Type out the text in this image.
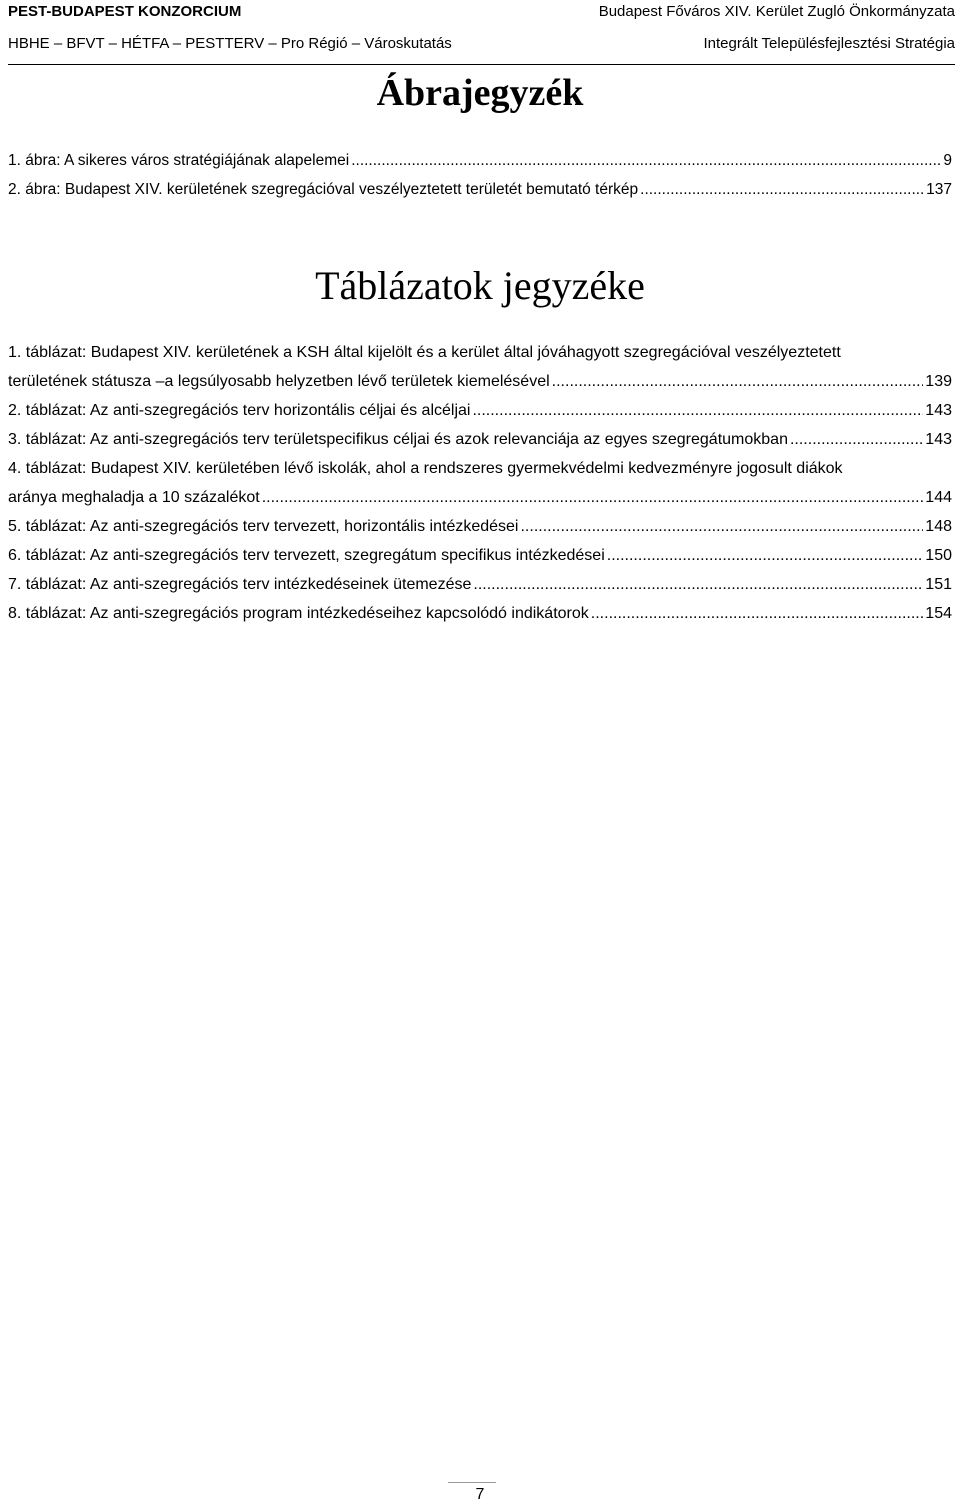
PEST-BUDAPEST KONZORCIUM	Budapest Főváros XIV. Kerület Zugló Önkormányzata
HBHE – BFVT – HÉTFA – PESTTERV – Pro Régió – Városkutatás	Integrált Településfejlesztési Stratégia
Ábrajegyzék
1. ábra: A sikeres város stratégiájának alapelemei .....	9
2. ábra: Budapest XIV. kerületének szegregációval veszélyeztetett területét bemutató térkép .....	137
Táblázatok jegyzéke
1. táblázat: Budapest XIV. kerületének a KSH által kijelölt és a kerület által jóváhagyott szegregációval veszélyeztetett
területének státusza –a legsúlyosabb helyzetben lévő területek kiemelésével .....	139
2. táblázat: Az anti-szegregációs terv horizontális céljai és alcéljai .....	143
3. táblázat: Az anti-szegregációs terv területspecifikus céljai és azok relevanciája az egyes szegregátumokban .....	143
4. táblázat: Budapest XIV. kerületében lévő iskolák, ahol a rendszeres gyermekvédelmi kedvezményre jogosult diákok
aránya meghaladja a 10 százalékot .....	144
5. táblázat: Az anti-szegregációs terv tervezett, horizontális intézkedései .....	148
6. táblázat: Az anti-szegregációs terv tervezett, szegregátum specifikus intézkedései .....	150
7. táblázat: Az anti-szegregációs terv intézkedéseinek ütemezése .....	151
8. táblázat: Az anti-szegregációs program intézkedéseihez kapcsolódó indikátorok .....	154
7
